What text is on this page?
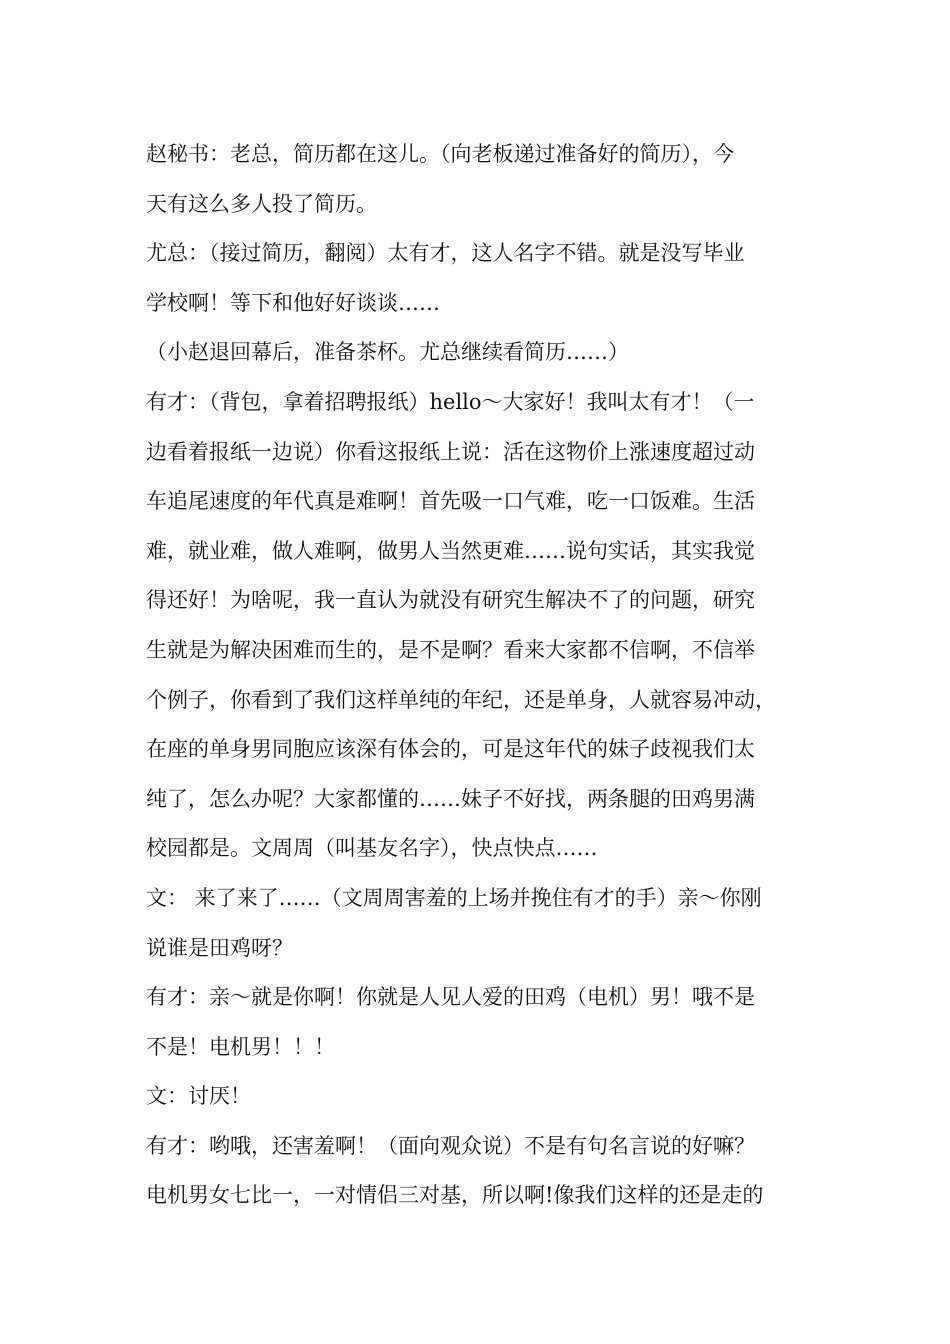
赵秘书：老总，简历都在这儿。（向老板递过准备好的简历），今
天有这么多人投了简历。
尤总：（接过简历，翻阅）太有才，这人名字不错。就是没写毕业
学校啊！等下和他好好谈谈……
（小赵退回幕后，准备茶杯。尤总继续看简历……）
有才：（背包，拿着招聘报纸）hello～大家好！我叫太有才！（一
边看着报纸一边说）你看这报纸上说：活在这物价上涨速度超过动
车追尾速度的年代真是难啊！首先吸一口气难，吃一口饭难。生活
难，就业难，做人难啊，做男人当然更难……说句实话，其实我觉
得还好！为啥呢，我一直认为就没有研究生解决不了的问题，研究
生就是为解决困难而生的，是不是啊？看来大家都不信啊，不信举
个例子，你看到了我们这样单纯的年纪，还是单身，人就容易冲动，
在座的单身男同胞应该深有体会的，可是这年代的妹子歧视我们太
纯了，怎么办呢？大家都懂的……妹子不好找，两条腿的田鸡男满
校园都是。文周周（叫基友名字），快点快点……
文： 来了来了……（文周周害羞的上场并挽住有才的手）亲～你刚
说谁是田鸡呀？
有才：亲～就是你啊！你就是人见人爱的田鸡（电机）男！哦不是
不是！电机男！！！
文：讨厌！
有才：哟哦，还害羞啊！（面向观众说）不是有句名言说的好嘛？
电机男女七比一，一对情侣三对基，所以啊!像我们这样的还是走的
